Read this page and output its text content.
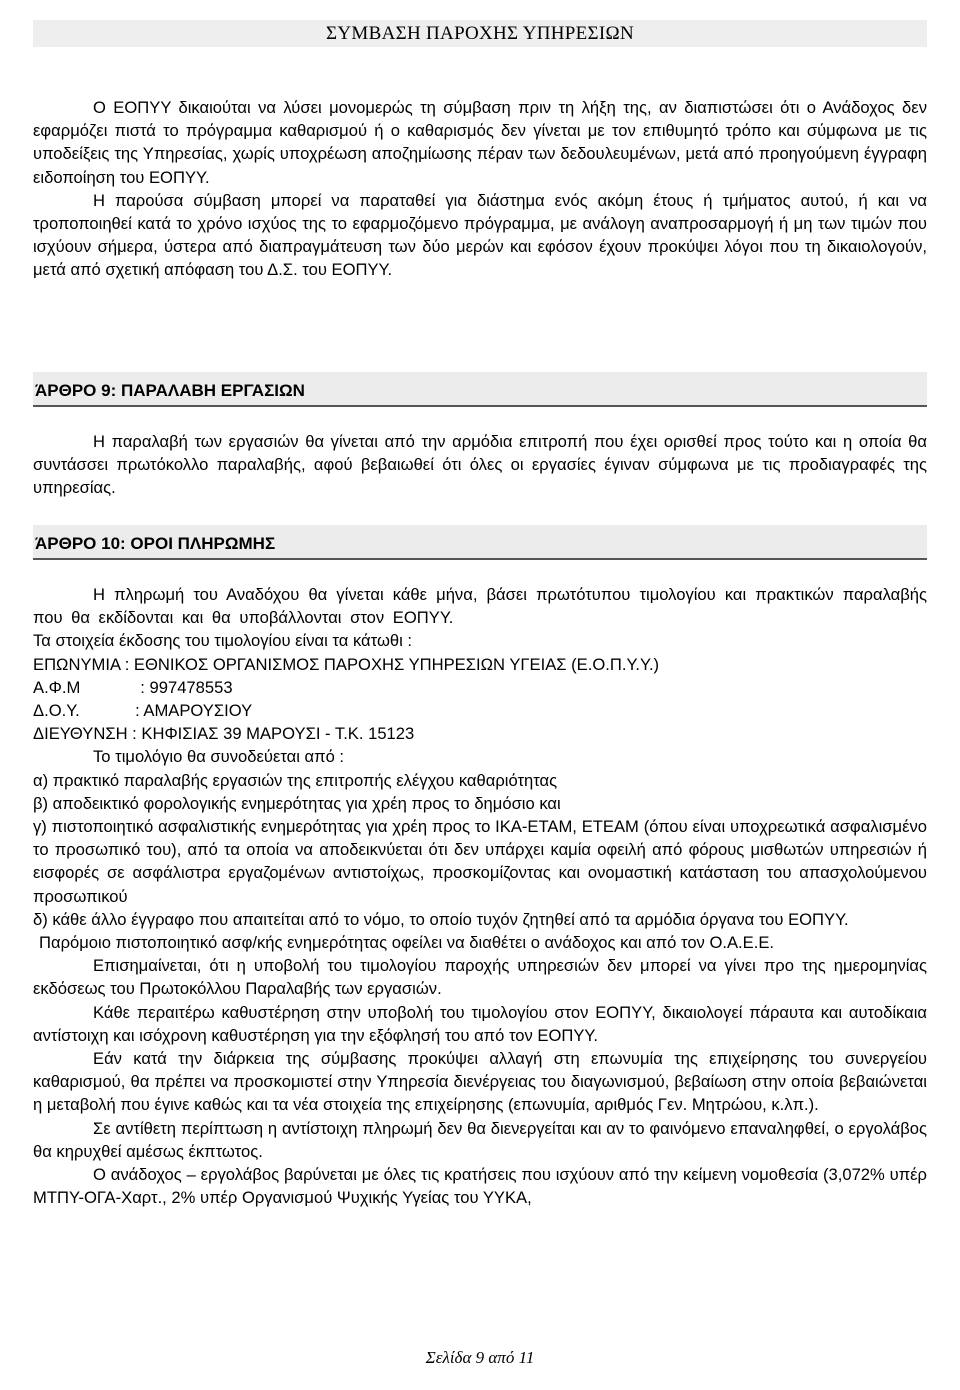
ΣΥΜΒΑΣΗ ΠΑΡΟΧΗΣ ΥΠΗΡΕΣΙΩΝ

Ο ΕΟΠΥΥ δικαιούται να λύσει μονομερώς τη σύμβαση πριν τη λήξη της, αν διαπιστώσει ότι ο Ανάδοχος δεν εφαρμόζει πιστά το πρόγραμμα καθαρισμού ή ο καθαρισμός δεν γίνεται με τον επιθυμητό τρόπο και σύμφωνα με τις υποδείξεις της Υπηρεσίας, χωρίς υποχρέωση αποζημίωσης πέραν των δεδουλευμένων, μετά από προηγούμενη έγγραφη ειδοποίηση του ΕΟΠΥΥ.

Η παρούσα σύμβαση μπορεί να παραταθεί για διάστημα ενός ακόμη έτους ή τμήματος αυτού, ή και να τροποποιηθεί κατά το χρόνο ισχύος της το εφαρμοζόμενο πρόγραμμα, με ανάλογη αναπροσαρμογή ή μη των τιμών που ισχύουν σήμερα, ύστερα από διαπραγμάτευση των δύο μερών και εφόσον έχουν προκύψει λόγοι που τη δικαιολογούν, μετά από σχετική απόφαση του Δ.Σ. του ΕΟΠΥΥ.

ΆΡΘΡΟ 9: ΠΑΡΑΛΑΒΗ ΕΡΓΑΣΙΩΝ

Η παραλαβή των εργασιών θα γίνεται από την αρμόδια επιτροπή που έχει ορισθεί προς τούτο και η οποία θα συντάσσει πρωτόκολλο παραλαβής, αφού βεβαιωθεί ότι όλες οι εργασίες έγιναν σύμφωνα με τις προδιαγραφές της υπηρεσίας.

ΆΡΘΡΟ 10: ΟΡΟΙ ΠΛΗΡΩΜΗΣ

Η πληρωμή του Αναδόχου θα γίνεται κάθε μήνα, βάσει πρωτότυπου τιμολογίου και πρακτικών παραλαβής που θα εκδίδονται και θα υποβάλλονται στον ΕΟΠΥΥ.

Τα στοιχεία έκδοσης του τιμολογίου είναι τα κάτωθι :

ΕΠΩΝΥΜΙΑ : ΕΘΝΙΚΟΣ ΟΡΓΑΝΙΣΜΟΣ ΠΑΡΟΧΗΣ ΥΠΗΡΕΣΙΩΝ ΥΓΕΙΑΣ (Ε.Ο.Π.Υ.Υ.)

Α.Φ.Μ             : 997478553

Δ.Ο.Υ.            : ΑΜΑΡΟΥΣΙΟΥ

ΔΙΕΥΘΥΝΣΗ : ΚΗΦΙΣΙΑΣ 39 ΜΑΡΟΥΣΙ - Τ.Κ. 15123

Το τιμολόγιο θα συνοδεύεται από :

α) πρακτικό παραλαβής εργασιών της επιτροπής ελέγχου καθαριότητας

β) αποδεικτικό φορολογικής ενημερότητας για χρέη προς το δημόσιο και

γ) πιστοποιητικό ασφαλιστικής ενημερότητας για χρέη προς το ΙΚΑ-ΕΤΑΜ, ΕΤΕΑΜ (όπου είναι υποχρεωτικά ασφαλισμένο το προσωπικό του), από τα οποία να αποδεικνύεται ότι δεν υπάρχει καμία οφειλή από φόρους μισθωτών υπηρεσιών ή εισφορές σε ασφάλιστρα εργαζομένων αντιστοίχως, προσκομίζοντας και ονομαστική κατάσταση του απασχολούμενου προσωπικού

δ) κάθε άλλο έγγραφο που απαιτείται από το νόμο, το οποίο τυχόν ζητηθεί από τα αρμόδια όργανα του ΕΟΠΥΥ.

Παρόμοιο πιστοποιητικό ασφ/κής ενημερότητας οφείλει να διαθέτει ο ανάδοχος και από τον Ο.Α.Ε.Ε.

Επισημαίνεται, ότι η υποβολή του τιμολογίου παροχής υπηρεσιών δεν μπορεί να γίνει προ της ημερομηνίας εκδόσεως του Πρωτοκόλλου Παραλαβής των εργασιών.

Κάθε περαιτέρω καθυστέρηση στην υποβολή του τιμολογίου στον ΕΟΠΥΥ, δικαιολογεί πάραυτα και αυτοδίκαια αντίστοιχη και ισόχρονη καθυστέρηση για την εξόφλησή του από τον ΕΟΠΥΥ.

Εάν κατά την διάρκεια της σύμβασης προκύψει αλλαγή στη επωνυμία της επιχείρησης του συνεργείου καθαρισμού, θα πρέπει να προσκομιστεί στην Υπηρεσία διενέργειας του διαγωνισμού, βεβαίωση στην οποία βεβαιώνεται η μεταβολή που έγινε καθώς και τα νέα στοιχεία της επιχείρησης (επωνυμία, αριθμός Γεν. Μητρώου, κ.λπ.).

Σε αντίθετη περίπτωση η αντίστοιχη πληρωμή δεν θα διενεργείται και αν το φαινόμενο επαναληφθεί, ο εργολάβος θα κηρυχθεί αμέσως έκπτωτος.

Ο ανάδοχος – εργολάβος βαρύνεται με όλες τις κρατήσεις που ισχύουν από την κείμενη νομοθεσία (3,072% υπέρ ΜΤΠΥ-ΟΓΑ-Χαρτ., 2% υπέρ Οργανισμού Ψυχικής Υγείας του ΥΥΚΑ,

Σελίδα 9 από 11
